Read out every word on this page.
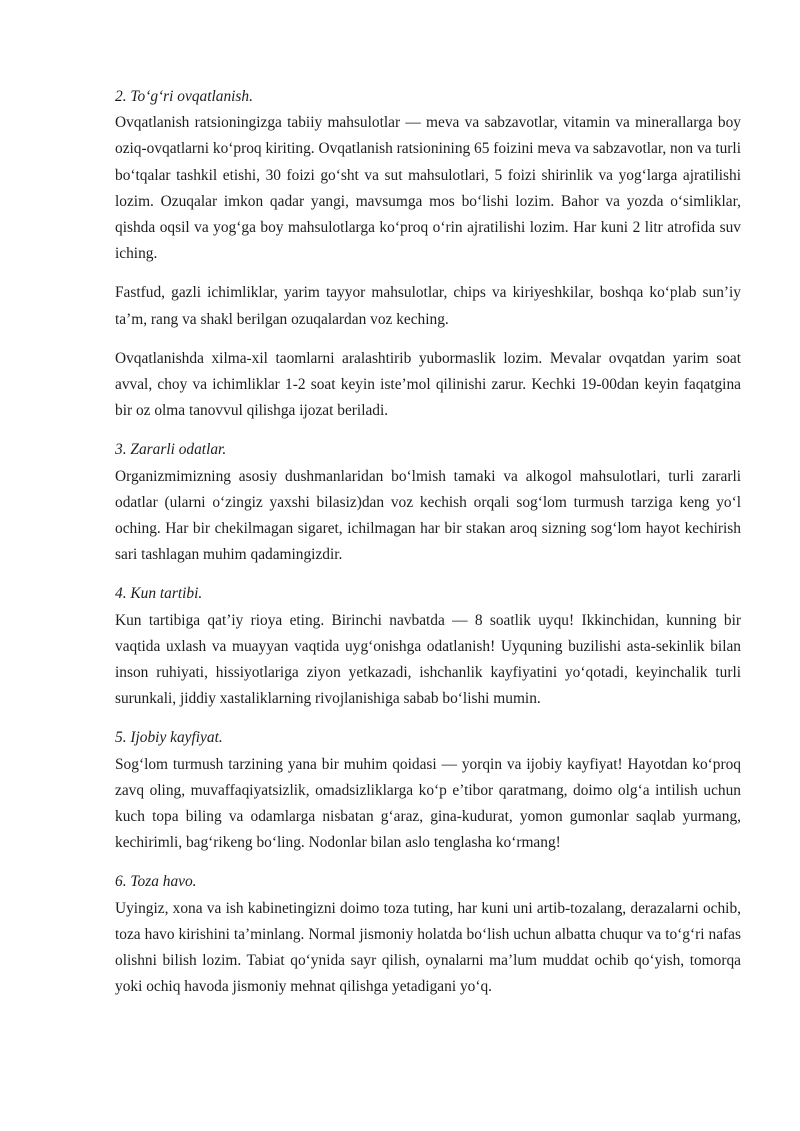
2. To‘g‘ri ovqatlanish.

Ovqatlanish ratsioningizga tabiiy mahsulotlar — meva va sabzavotlar, vitamin va minerallarga boy oziq-ovqatlarni ko‘proq kiriting. Ovqatlanish ratsionining 65 foizini meva va sabzavotlar, non va turli bo‘tqalar tashkil etishi, 30 foizi go‘sht va sut mahsulotlari, 5 foizi shirinlik va yog‘larga ajratilishi lozim. Ozuqalar imkon qadar yangi, mavsumga mos bo‘lishi lozim. Bahor va yozda o‘simliklar, qishda oqsil va yog‘ga boy mahsulotlarga ko‘proq o‘rin ajratilishi lozim. Har kuni 2 litr atrofida suv iching.

Fastfud, gazli ichimliklar, yarim tayyor mahsulotlar, chips va kiriyeshkilar, boshqa ko‘plab sun’iy ta’m, rang va shakl berilgan ozuqalardan voz keching.

Ovqatlanishda xilma-xil taomlarni aralashtirib yubormaslik lozim. Mevalar ovqatdan yarim soat avval, choy va ichimliklar 1-2 soat keyin iste’mol qilinishi zarur. Kechki 19-00dan keyin faqatgina bir oz olma tanovvul qilishga ijozat beriladi.

3. Zararli odatlar.

Organizmimizning asosiy dushmanlaridan bo‘lmish tamaki va alkogol mahsulotlari, turli zararli odatlar (ularni o‘zingiz yaxshi bilasiz)dan voz kechish orqali sog‘lom turmush tarziga keng yo‘l oching. Har bir chekilmagan sigaret, ichilmagan har bir stakan aroq sizning sog‘lom hayot kechirish sari tashlagan muhim qadamingizdir.

4. Kun tartibi.

Kun tartibiga qat’iy rioya eting. Birinchi navbatda — 8 soatlik uyqu! Ikkinchidan, kunning bir vaqtida uxlash va muayyan vaqtida uyg‘onishga odatlanish! Uyquning buzilishi asta-sekinlik bilan inson ruhiyati, hissiyotlariga ziyon yetkazadi, ishchanlik kayfiyatini yo‘qotadi, keyinchalik turli surunkali, jiddiy xastaliklarning rivojlanishiga sabab bo‘lishi mumin.

5. Ijobiy kayfiyat.

Sog‘lom turmush tarzining yana bir muhim qoidasi — yorqin va ijobiy kayfiyat! Hayotdan ko‘proq zavq oling, muvaffaqiyatsizlik, omadsizliklarga ko‘p e’tibor qaratmang, doimo olg‘a intilish uchun kuch topa biling va odamlarga nisbatan g‘araz, gina-kudurat, yomon gumonlar saqlab yurmang, kechirimli, bag‘rikeng bo‘ling. Nodonlar bilan aslo tenglasha ko‘rmang!

6. Toza havo.

Uyingiz, xona va ish kabinetingizni doimo toza tuting, har kuni uni artib-tozalang, derazalarni ochib, toza havo kirishini ta’minlang. Normal jismoniy holatda bo‘lish uchun albatta chuqur va to‘g‘ri nafas olishni bilish lozim. Tabiat qo‘ynida sayr qilish, oynalarni ma’lum muddat ochib qo‘yish, tomorqa yoki ochiq havoda jismoniy mehnat qilishga yetadigani yo‘q.
